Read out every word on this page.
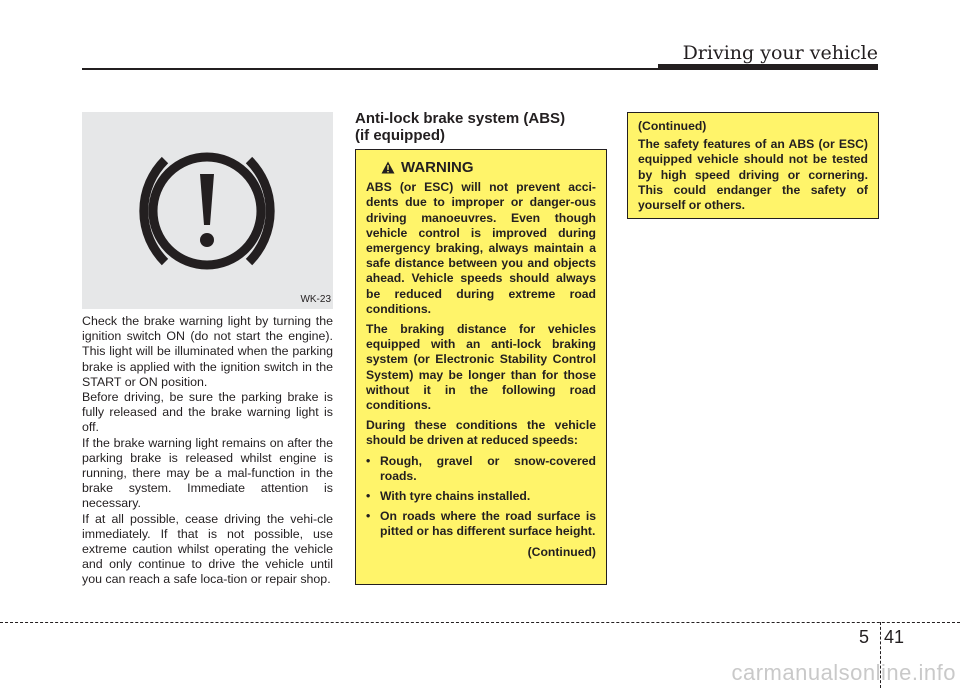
Driving your vehicle
WK-23

Check the brake warning light by turning the ignition switch ON (do not start the engine). This light will be illuminated when the parking brake is applied with the ignition switch in the START or ON position.

Before driving, be sure the parking brake is fully released and the brake warning light is off.

If the brake warning light remains on after the parking brake is released whilst engine is running, there may be a mal-function in the brake system. Immediate attention is necessary.

If at all possible, cease driving the vehi-cle immediately. If that is not possible, use extreme caution whilst operating the vehicle and only continue to drive the vehicle until you can reach a safe loca-tion or repair shop.

Anti-lock brake system (ABS)
(if equipped)
WARNING

ABS (or ESC) will not prevent acci-dents due to improper or danger-ous driving manoeuvres. Even though vehicle control is improved during emergency braking, always maintain a safe distance between you and objects ahead. Vehicle speeds should always be reduced during extreme road conditions.

The braking distance for vehicles equipped with an anti-lock braking system (or Electronic Stability Control System) may be longer than for those without it in the following road conditions.

During these conditions the vehicle should be driven at reduced speeds:

• Rough, gravel or snow-covered roads.
• With tyre chains installed.
• On roads where the road surface is pitted or has different surface height.
(Continued)

(Continued)

The safety features of an ABS (or ESC) equipped vehicle should not be tested by high speed driving or cornering. This could endanger the safety of yourself or others.

5 41
carmanualsonline.info
